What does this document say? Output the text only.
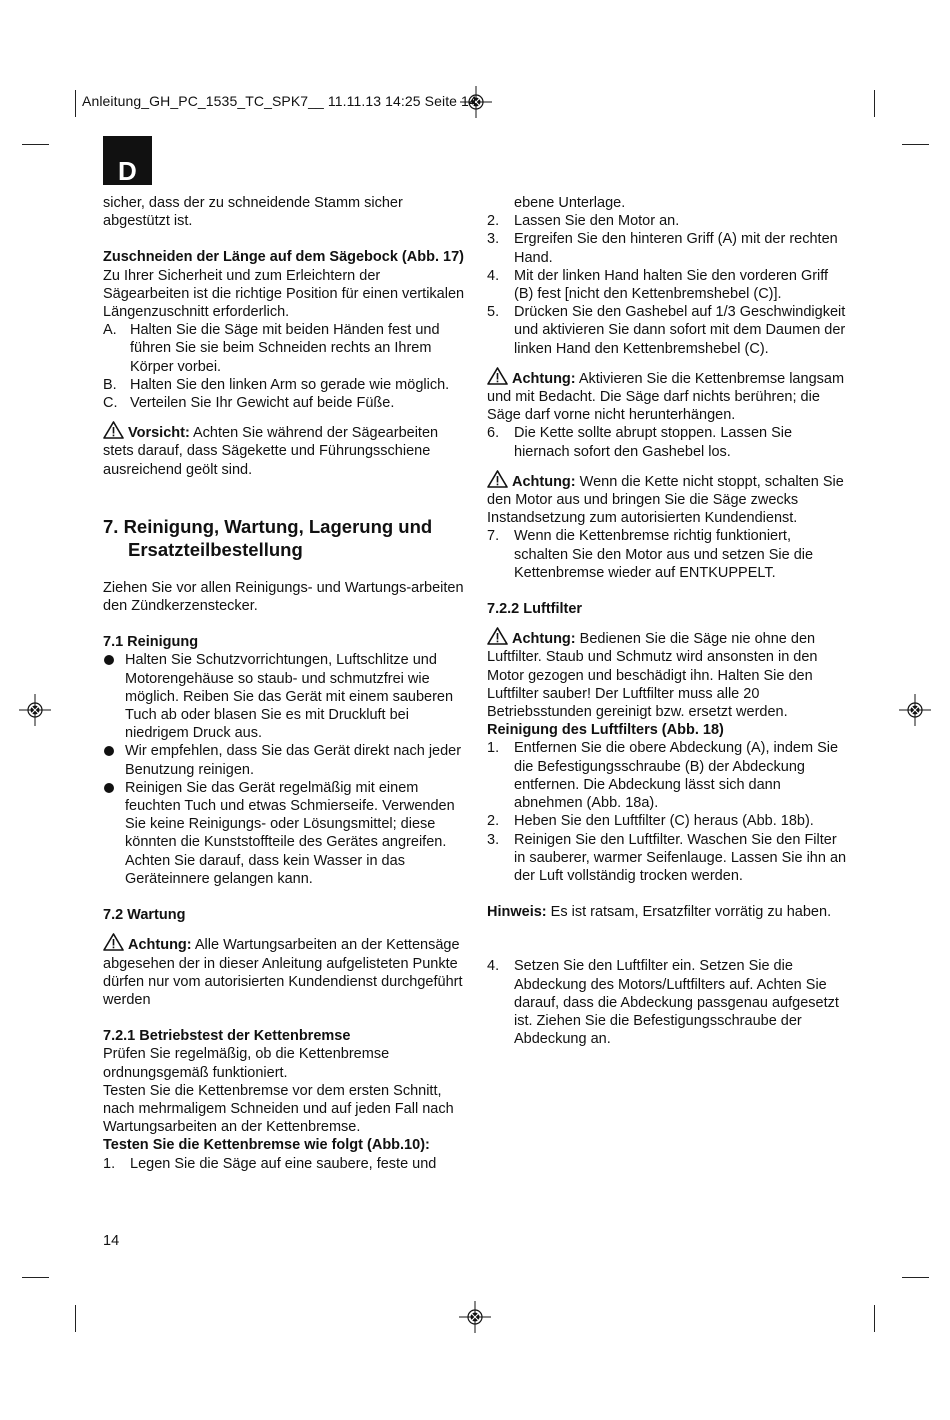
Anleitung_GH_PC_1535_TC_SPK7__ 11.11.13 14:25 Seite 14
D

sicher, dass der zu schneidende Stamm sicher abgestützt ist.

Zuschneiden der Länge auf dem Sägebock (Abb. 17)

Zu Ihrer Sicherheit und zum Erleichtern der Sägearbeiten ist die richtige Position für einen vertikalen Längenzuschnitt erforderlich.

A. Halten Sie die Säge mit beiden Händen fest und führen Sie sie beim Schneiden rechts an Ihrem Körper vorbei.
B. Halten Sie den linken Arm so gerade wie möglich.
C. Verteilen Sie Ihr Gewicht auf beide Füße.

Vorsicht: Achten Sie während der Sägearbeiten stets darauf, dass Sägekette und Führungsschiene ausreichend geölt sind.

7. Reinigung, Wartung, Lagerung und
Ersatzteilbestellung

Ziehen Sie vor allen Reinigungs- und Wartungs-arbeiten den Zündkerzenstecker.

7.1 Reinigung

Halten Sie Schutzvorrichtungen, Luftschlitze und Motorengehäuse so staub- und schmutzfrei wie möglich. Reiben Sie das Gerät mit einem sauberen Tuch ab oder blasen Sie es mit Druckluft bei niedrigem Druck aus.
Wir empfehlen, dass Sie das Gerät direkt nach jeder Benutzung reinigen.
Reinigen Sie das Gerät regelmäßig mit einem feuchten Tuch und etwas Schmierseife. Verwenden Sie keine Reinigungs- oder Lösungsmittel; diese könnten die Kunststoffteile des Gerätes angreifen. Achten Sie darauf, dass kein Wasser in das Geräteinnere gelangen kann.

7.2 Wartung

Achtung: Alle Wartungsarbeiten an der Kettensäge abgesehen der in dieser Anleitung aufgelisteten Punkte dürfen nur vom autorisierten Kundendienst durchgeführt werden

7.2.1 Betriebstest der Kettenbremse

Prüfen Sie regelmäßig, ob die Kettenbremse ordnungsgemäß funktioniert.

Testen Sie die Kettenbremse vor dem ersten Schnitt, nach mehrmaligem Schneiden und auf jeden Fall nach Wartungsarbeiten an der Kettenbremse.

Testen Sie die Kettenbremse wie folgt (Abb.10):

1. Legen Sie die Säge auf eine saubere, feste und
ebene Unterlage.
2. Lassen Sie den Motor an.
3. Ergreifen Sie den hinteren Griff (A) mit der rechten Hand.
4. Mit der linken Hand halten Sie den vorderen Griff (B) fest [nicht den Kettenbremshebel (C)].
5. Drücken Sie den Gashebel auf 1/3 Geschwindigkeit und aktivieren Sie dann sofort mit dem Daumen der linken Hand den Kettenbremshebel (C).

Achtung: Aktivieren Sie die Kettenbremse langsam und mit Bedacht. Die Säge darf nichts berühren; die Säge darf vorne nicht herunterhängen.

6. Die Kette sollte abrupt stoppen. Lassen Sie hiernach sofort den Gashebel los.

Achtung: Wenn die Kette nicht stoppt, schalten Sie den Motor aus und bringen Sie die Säge zwecks Instandsetzung zum autorisierten Kundendienst.

7. Wenn die Kettenbremse richtig funktioniert, schalten Sie den Motor aus und setzen Sie die Kettenbremse wieder auf ENTKUPPELT.

7.2.2 Luftfilter

Achtung: Bedienen Sie die Säge nie ohne den Luftfilter. Staub und Schmutz wird ansonsten in den Motor gezogen und beschädigt ihn. Halten Sie den Luftfilter sauber! Der Luftfilter muss alle 20 Betriebsstunden gereinigt bzw. ersetzt werden.

Reinigung des Luftfilters (Abb. 18)

1. Entfernen Sie die obere Abdeckung (A), indem Sie die Befestigungsschraube (B) der Abdeckung entfernen. Die Abdeckung lässt sich dann abnehmen (Abb. 18a).
2. Heben Sie den Luftfilter (C) heraus (Abb. 18b).
3. Reinigen Sie den Luftfilter. Waschen Sie den Filter in sauberer, warmer Seifenlauge. Lassen Sie ihn an der Luft vollständig trocken werden.

Hinweis: Es ist ratsam, Ersatzfilter vorrätig zu haben.

4. Setzen Sie den Luftfilter ein. Setzen Sie die Abdeckung des Motors/Luftfilters auf. Achten Sie darauf, dass die Abdeckung passgenau aufgesetzt ist. Ziehen Sie die Befestigungsschraube der Abdeckung an.
14
